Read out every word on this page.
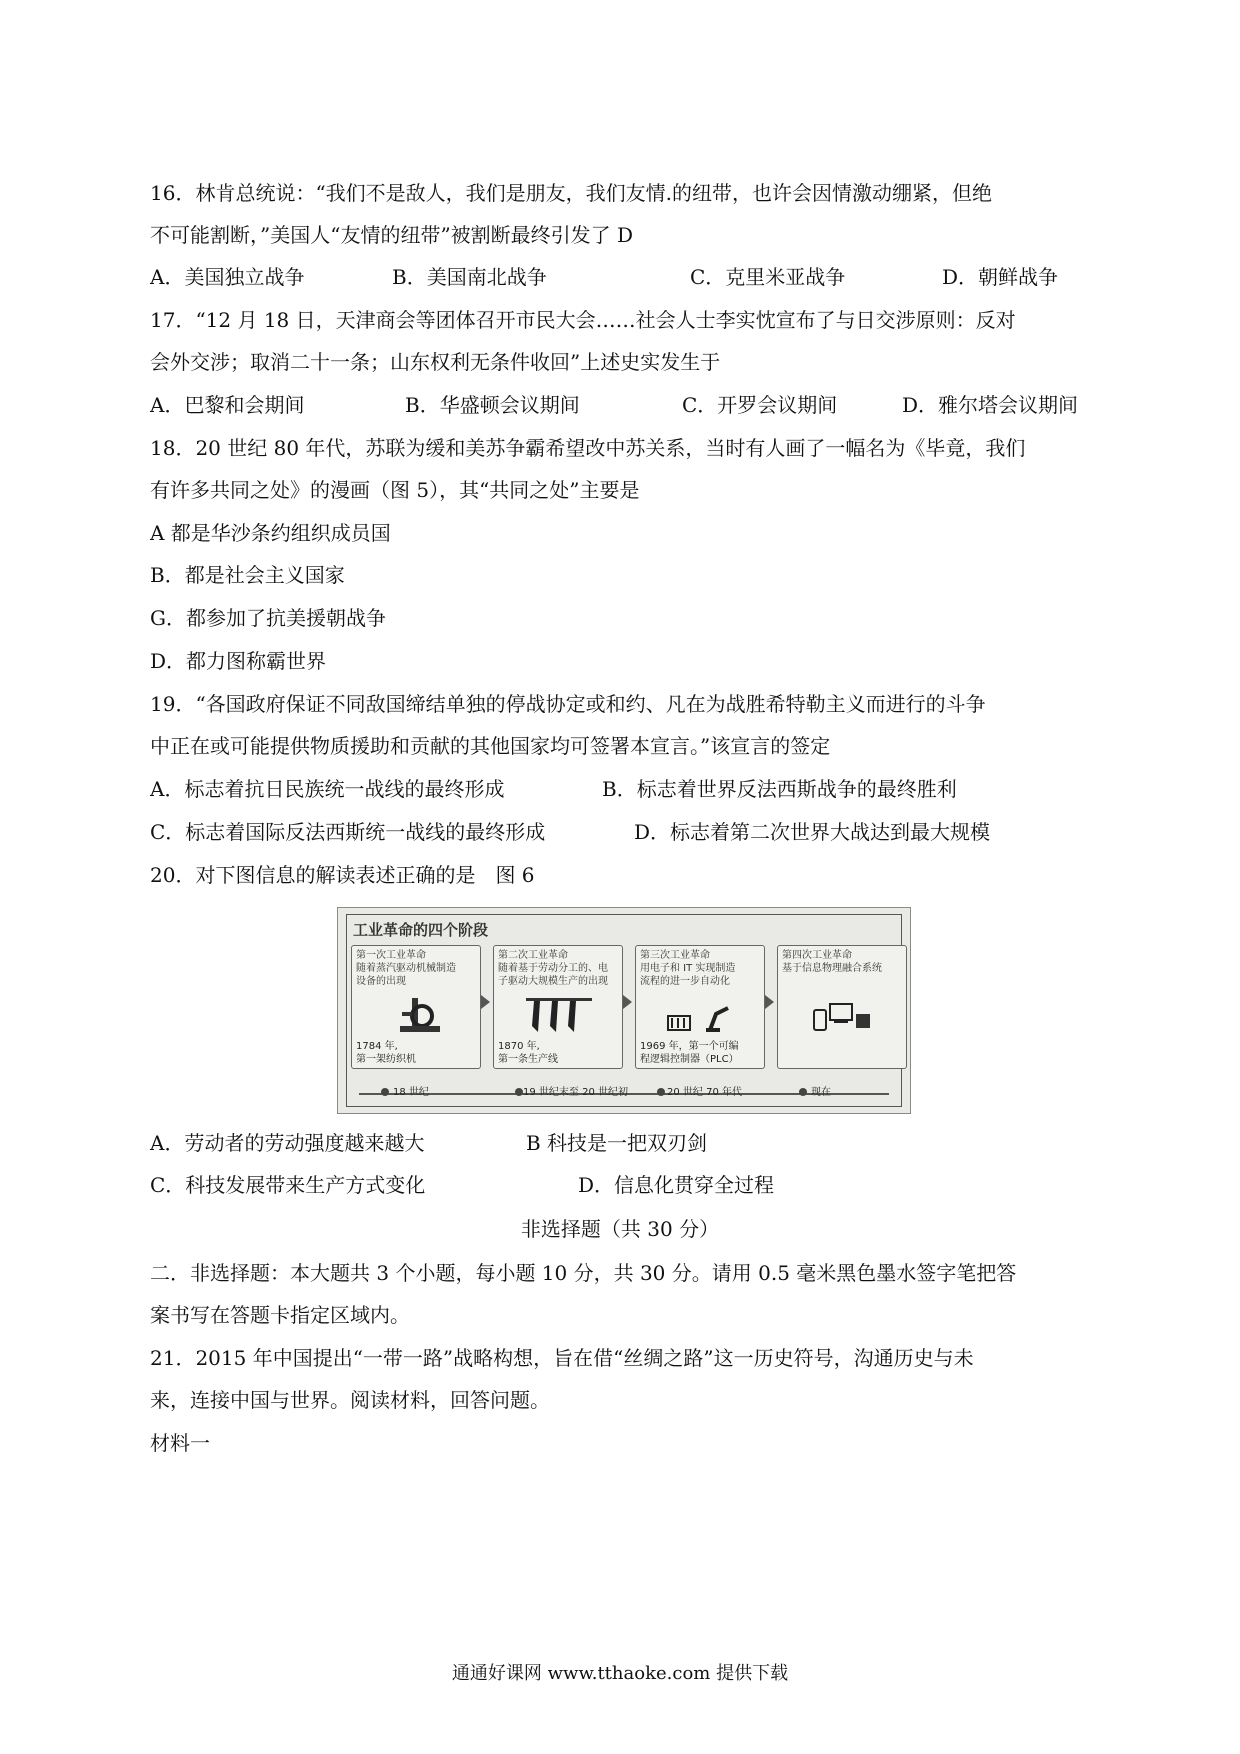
16．林肯总统说：“我们不是敌人，我们是朋友，我们友情.的纽带，也许会因情激动绷紧，但绝
不可能割断，”美国人“友情的纽带”被割断最终引发了 D
A．美国独立战争	B．美国南北战争	C．克里米亚战争	D．朝鲜战争
17．“12 月 18 日，天津商会等团体召开市民大会……社会人士李实忱宣布了与日交涉原则：反对
会外交涉；取消二十一条；山东权利无条件收回”上述史实发生于
A．巴黎和会期间	B．华盛顿会议期间	C．开罗会议期间	D．雅尔塔会议期间
18．20 世纪 80 年代，苏联为缓和美苏争霸希望改中苏关系，当时有人画了一幅名为《毕竟，我们
有许多共同之处》的漫画（图 5），其“共同之处”主要是
A 都是华沙条约组织成员国
B．都是社会主义国家
G．都参加了抗美援朝战争
D．都力图称霸世界
19．“各国政府保证不同敌国缔结单独的停战协定或和约、凡在为战胜希特勒主义而进行的斗争
中正在或可能提供物质援助和贡献的其他国家均可签署本宣言。”该宣言的签定
A．标志着抗日民族统一战线的最终形成	B．标志着世界反法西斯战争的最终胜利
C．标志着国际反法西斯统一战线的最终形成	D．标志着第二次世界大战达到最大规模
20．对下图信息的解读表述正确的是　图 6
工业革命的四个阶段
第一次工业革命
随着蒸汽驱动机械制造
设备的出现
1784 年,
第一架纺织机
第二次工业革命
随着基于劳动分工的、电
子驱动大规模生产的出现
1870 年,
第一条生产线
第三次工业革命
用电子和 IT 实现制造
流程的进一步自动化
1969 年，第一个可编
程逻辑控制器（PLC）
第四次工业革命
基于信息物理融合系统
18 世纪	19 世纪末至 20 世纪初	20 世纪 70 年代	现在
A．劳动者的劳动强度越来越大	B 科技是一把双刃剑
C．科技发展带来生产方式变化	D．信息化贯穿全过程
非选择题（共 30 分）
二．非选择题：本大题共 3 个小题，每小题 10 分，共 30 分。请用 0.5 毫米黑色墨水签字笔把答
案书写在答题卡指定区域内。
21．2015 年中国提出“一带一路”战略构想，旨在借“丝绸之路”这一历史符号，沟通历史与未
来，连接中国与世界。阅读材料，回答问题。
材料一
通通好课网 www.tthaoke.com 提供下载
